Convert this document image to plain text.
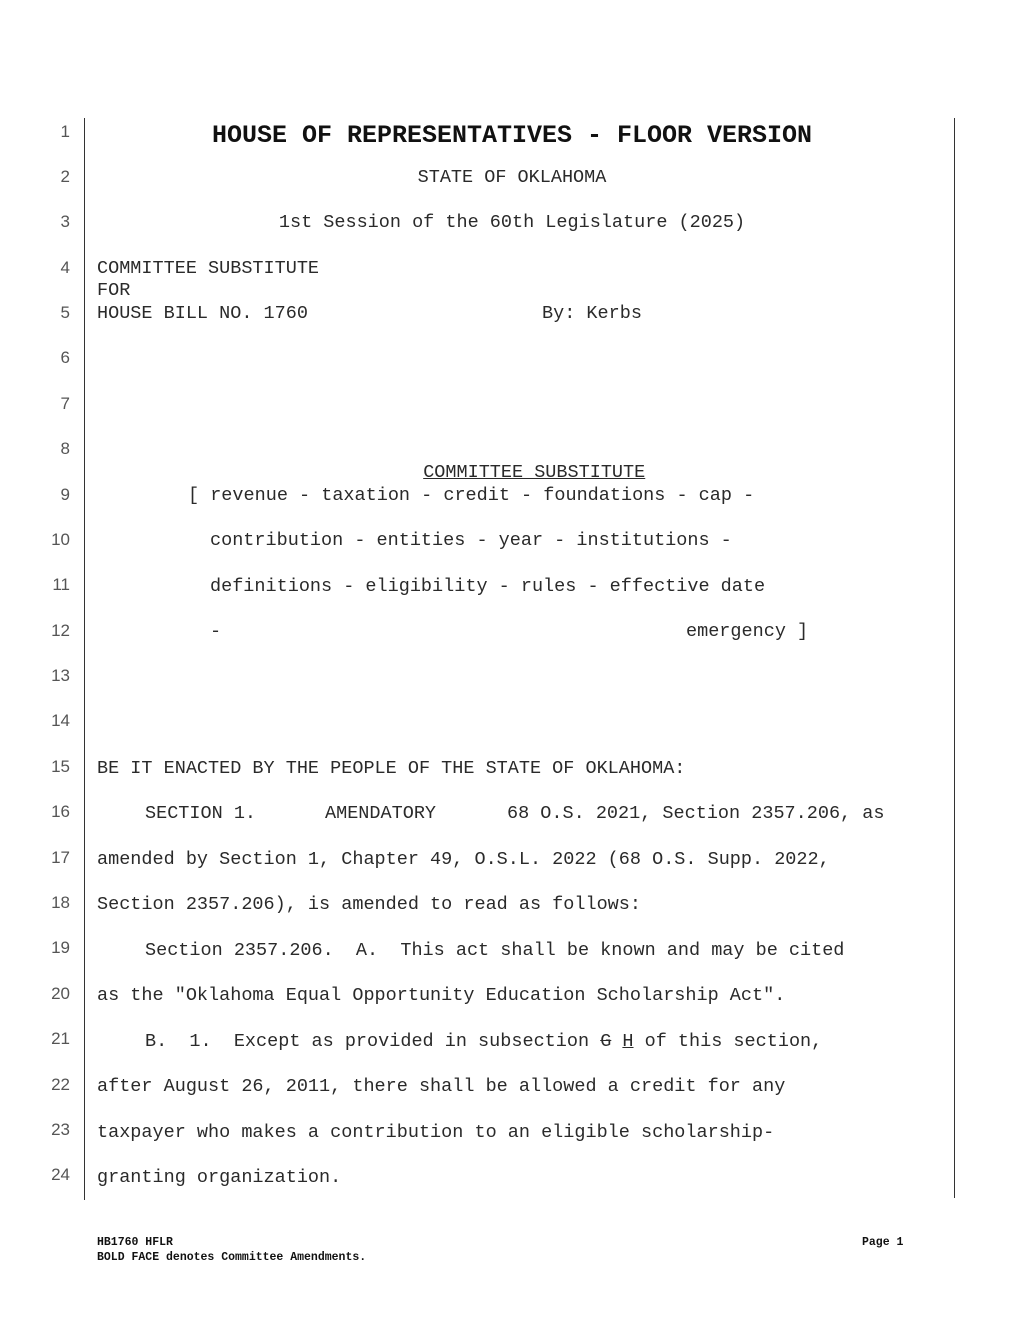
1
2
3
4
5
6
7
8
9
10
11
12
13
14
15
16
17
18
19
20
21
22
23
24
HOUSE OF REPRESENTATIVES - FLOOR VERSION
STATE OF OKLAHOMA
1st Session of the 60th Legislature (2025)
COMMITTEE SUBSTITUTE
FOR
HOUSE BILL NO. 1760	By: Kerbs

COMMITTEE SUBSTITUTE

[ revenue - taxation - credit - foundations - cap -
contribution - entities - year - institutions -
definitions - eligibility - rules - effective date
-	emergency ]
BE IT ENACTED BY THE PEOPLE OF THE STATE OF OKLAHOMA:
SECTION 1.	AMENDATORY	68 O.S. 2021, Section 2357.206, as
amended by Section 1, Chapter 49, O.S.L. 2022 (68 O.S. Supp. 2022,
Section 2357.206), is amended to read as follows:
Section 2357.206.  A.  This act shall be known and may be cited
as the "Oklahoma Equal Opportunity Education Scholarship Act".
B.  1.  Except as provided in subsection G H of this section,
after August 26, 2011, there shall be allowed a credit for any
taxpayer who makes a contribution to an eligible scholarship-
granting organization.
HB1760 HFLR	Page 1
BOLD FACE denotes Committee Amendments.
